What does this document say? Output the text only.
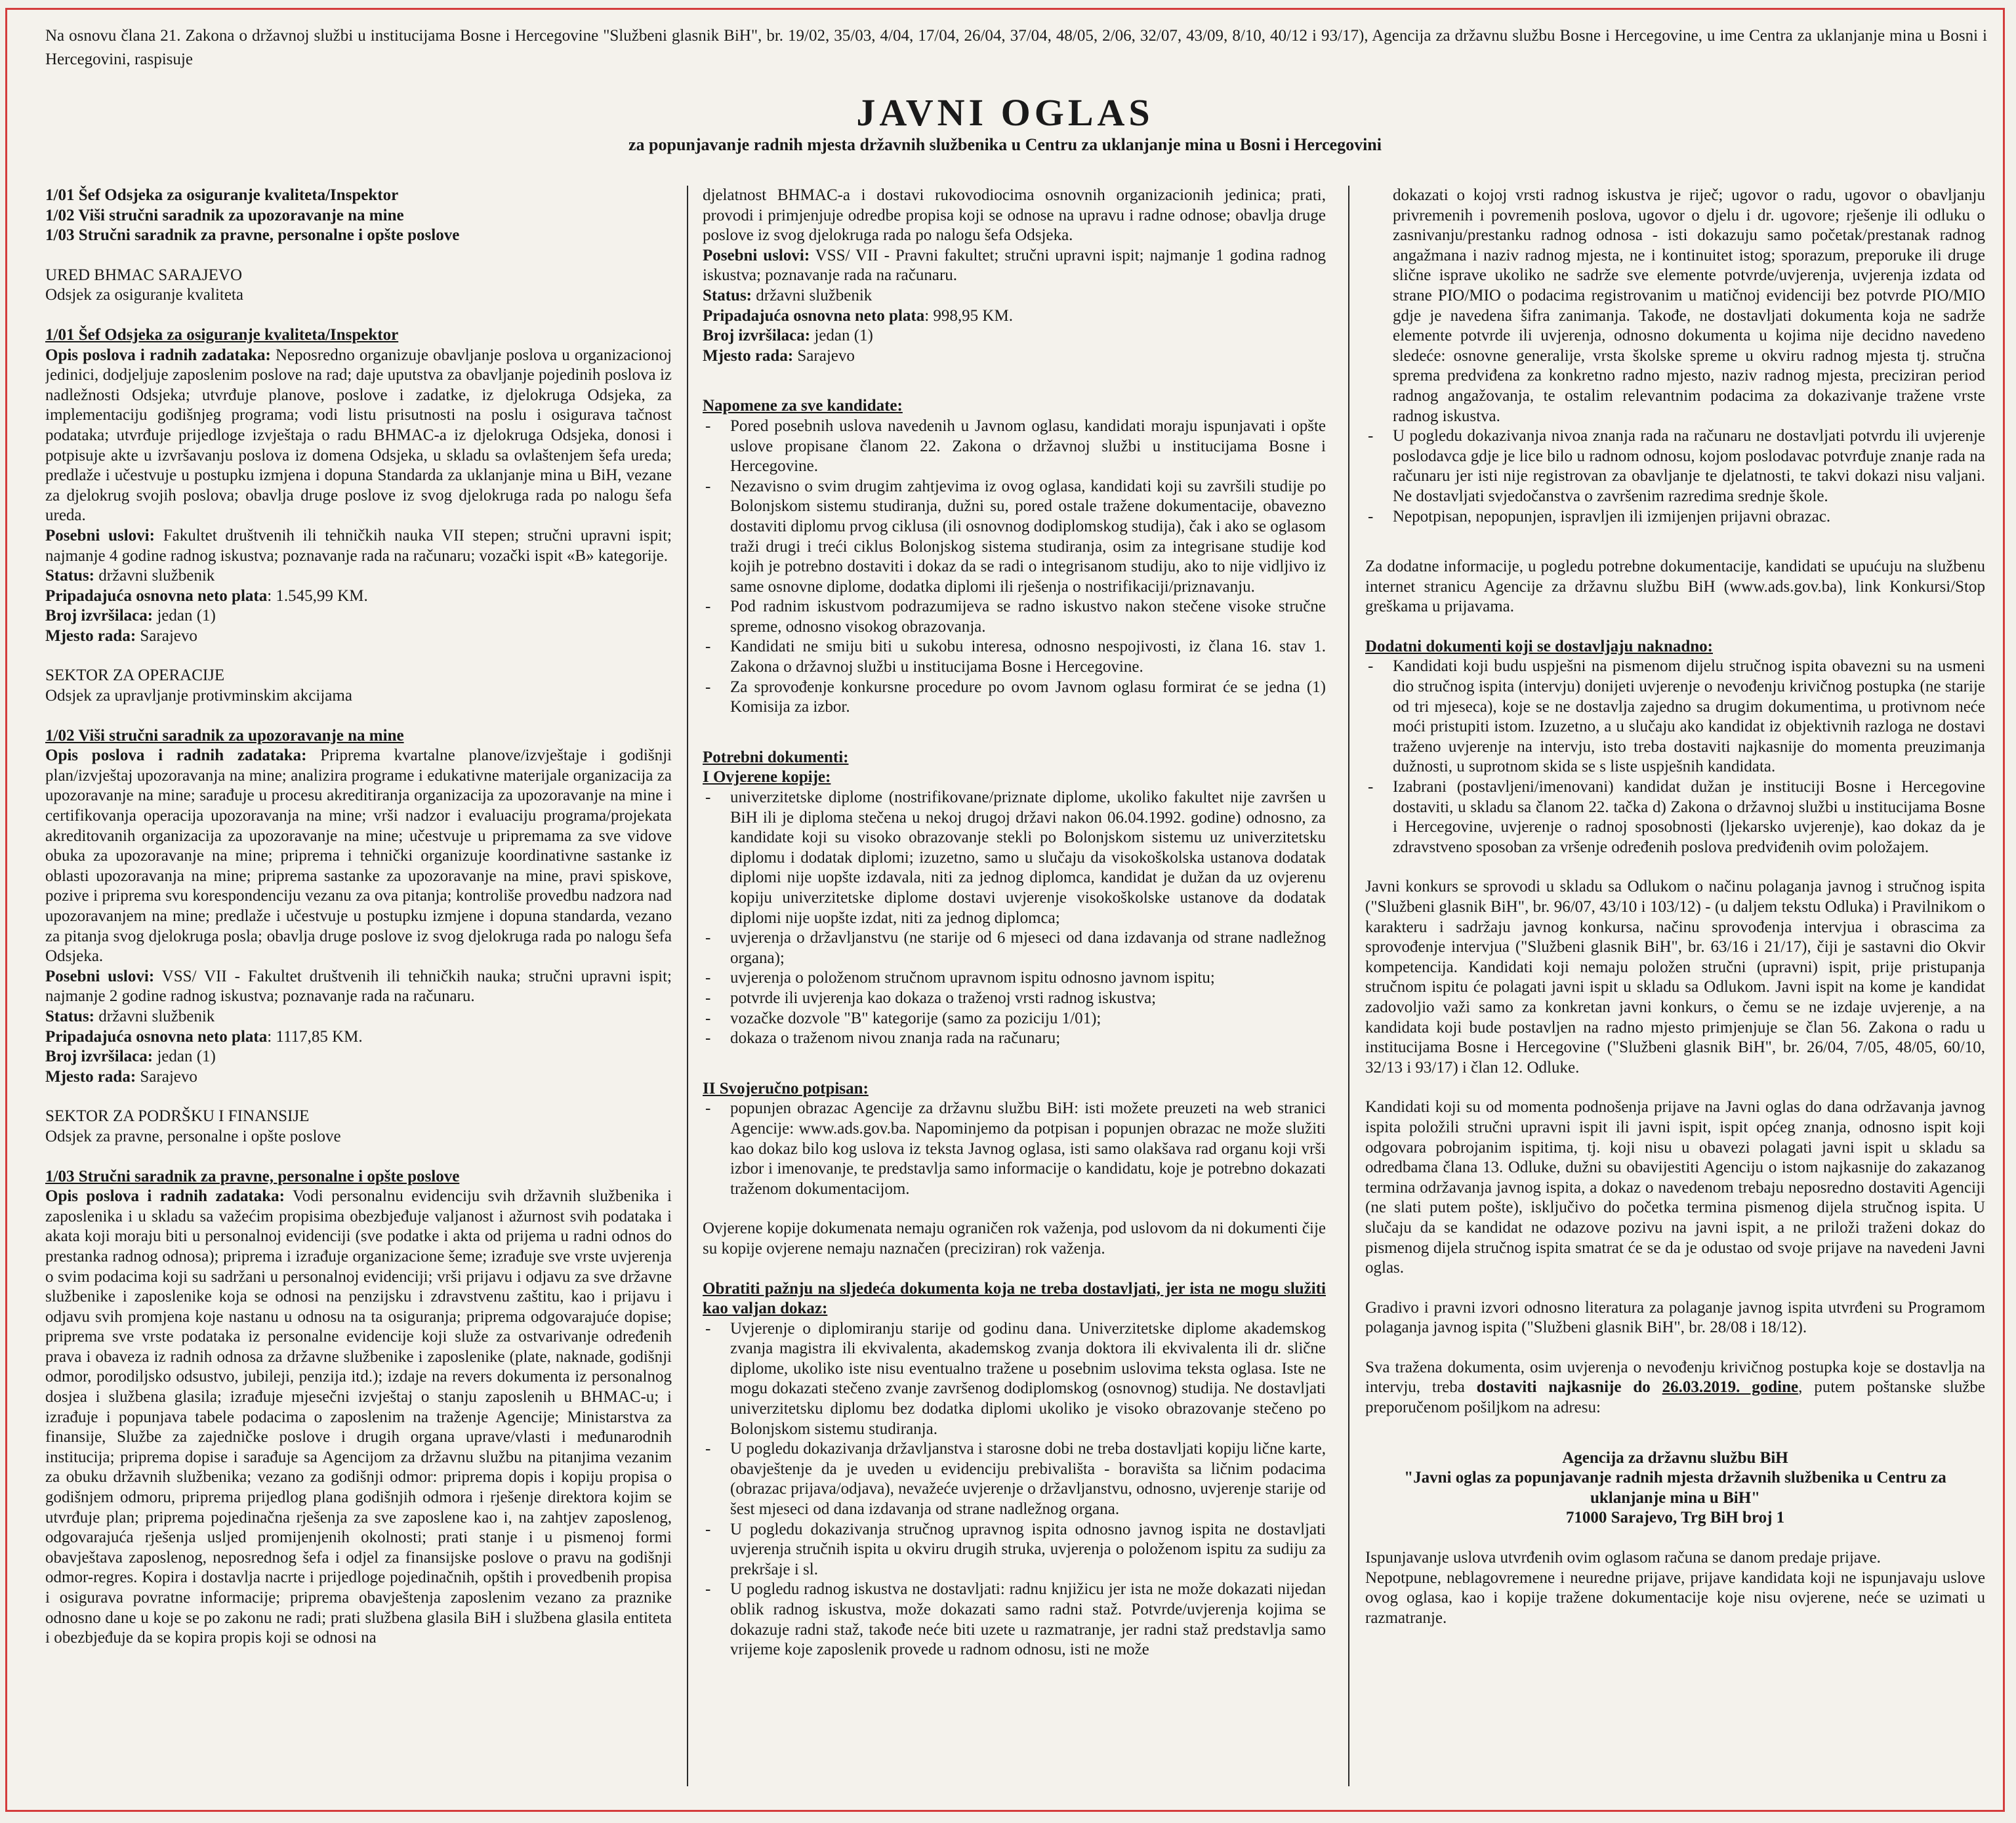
Na osnovu člana 21. Zakona o državnoj službi u institucijama Bosne i Hercegovine "Službeni glasnik BiH", br. 19/02, 35/03, 4/04, 17/04, 26/04, 37/04, 48/05, 2/06, 32/07, 43/09, 8/10, 40/12 i 93/17), Agencija za državnu službu Bosne i Hercegovine, u ime Centra za uklanjanje mina u Bosni i Hercegovini, raspisuje

JAVNI OGLAS
za popunjavanje radnih mjesta državnih službenika u Centru za uklanjanje mina u Bosni i Hercegovini

1/01 Šef Odsjeka za osiguranje kvaliteta/Inspektor

1/02 Viši stručni saradnik za upozoravanje na mine

1/03 Stručni saradnik za pravne, personalne i opšte poslove

URED BHMAC SARAJEVO

Odsjek za osiguranje kvaliteta

1/01 Šef Odsjeka za osiguranje kvaliteta/Inspektor

Opis poslova i radnih zadataka: Neposredno organizuje obavljanje poslova u organizacionoj jedinici, dodjeljuje zaposlenim poslove na rad; daje uputstva za obavljanje pojedinih poslova iz nadležnosti Odsjeka; utvrđuje planove, poslove i zadatke, iz djelokruga Odsjeka, za implementaciju godišnjeg programa; vodi listu prisutnosti na poslu i osigurava tačnost podataka; utvrđuje prijedloge izvještaja o radu BHMAC-a iz djelokruga Odsjeka, donosi i potpisuje akte u izvršavanju poslova iz domena Odsjeka, u skladu sa ovlaštenjem šefa ureda; predlaže i učestvuje u postupku izmjena i dopuna Standarda za uklanjanje mina u BiH, vezane za djelokrug svojih poslova; obavlja druge poslove iz svog djelokruga rada po nalogu šefa ureda.

Posebni uslovi: Fakultet društvenih ili tehničkih nauka VII stepen; stručni upravni ispit; najmanje 4 godine radnog iskustva; poznavanje rada na računaru; vozački ispit «B» kategorije.

Status: državni službenik

Pripadajuća osnovna neto plata: 1.545,99 KM.

Broj izvršilaca: jedan (1)

Mjesto rada: Sarajevo

SEKTOR ZA OPERACIJE

Odsjek za upravljanje protivminskim akcijama

1/02 Viši stručni saradnik za upozoravanje na mine

Opis poslova i radnih zadataka: Priprema kvartalne planove/izvještaje i godišnji plan/izvještaj upozoravanja na mine; analizira programe i edukativne materijale organizacija za upozoravanje na mine; sarađuje u procesu akreditiranja organizacija za upozoravanje na mine i certifikovanja operacija upozoravanja na mine; vrši nadzor i evaluaciju programa/projekata akreditovanih organizacija za upozoravanje na mine; učestvuje u pripremama za sve vidove obuka za upozoravanje na mine; priprema i tehnički organizuje koordinativne sastanke iz oblasti upozoravanja na mine; priprema sastanke za upozoravanje na mine, pravi spiskove, pozive i priprema svu korespondenciju vezanu za ova pitanja; kontroliše provedbu nadzora nad upozoravanjem na mine; predlaže i učestvuje u postupku izmjene i dopuna standarda, vezano za pitanja svog djelokruga posla; obavlja druge poslove iz svog djelokruga rada po nalogu šefa Odsjeka.

Posebni uslovi: VSS/ VII - Fakultet društvenih ili tehničkih nauka; stručni upravni ispit; najmanje 2 godine radnog iskustva; poznavanje rada na računaru.

Status: državni službenik

Pripadajuća osnovna neto plata: 1117,85 KM.

Broj izvršilaca: jedan (1)

Mjesto rada: Sarajevo

SEKTOR ZA PODRŠKU I FINANSIJE

Odsjek za pravne, personalne i opšte poslove

1/03 Stručni saradnik za pravne, personalne i opšte poslove

Opis poslova i radnih zadataka: Vodi personalnu evidenciju svih državnih službenika i zaposlenika i u skladu sa važećim propisima obezbjeđuje valjanost i ažurnost svih podataka i akata koji moraju biti u personalnoj evidenciji (sve podatke i akta od prijema u radni odnos do prestanka radnog odnosa); priprema i izrađuje organizacione šeme; izrađuje sve vrste uvjerenja o svim podacima koji su sadržani u personalnoj evidenciji; vrši prijavu i odjavu za sve državne službenike i zaposlenike koja se odnosi na penzijsku i zdravstvenu zaštitu, kao i prijavu i odjavu svih promjena koje nastanu u odnosu na ta osiguranja; priprema odgovarajuće dopise; priprema sve vrste podataka iz personalne evidencije koji služe za ostvarivanje određenih prava i obaveza iz radnih odnosa za državne službenike i zaposlenike (plate, naknade, godišnji odmor, porodiljsko odsustvo, jubileji, penzija itd.); izdaje na revers dokumenta iz personalnog dosjea i službena glasila; izrađuje mjesečni izvještaj o stanju zaposlenih u BHMAC-u; i izrađuje i popunjava tabele podacima o zaposlenim na traženje Agencije; Ministarstva za finansije, Službe za zajedničke poslove i drugih organa uprave/vlasti i međunarodnih institucija; priprema dopise i sarađuje sa Agencijom za državnu službu na pitanjima vezanim za obuku državnih službenika; vezano za godišnji odmor: priprema dopis i kopiju propisa o godišnjem odmoru, priprema prijedlog plana godišnjih odmora i rješenje direktora kojim se utvrđuje plan; priprema pojedinačna rješenja za sve zaposlene kao i, na zahtjev zaposlenog, odgovarajuća rješenja usljed promijenjenih okolnosti; prati stanje i u pismenoj formi obavještava zaposlenog, neposrednog šefa i odjel za finansijske poslove o pravu na godišnji odmor-regres. Kopira i dostavlja nacrte i prijedloge pojedinačnih, opštih i provedbenih propisa i osigurava povratne informacije; priprema obavještenja zaposlenim vezano za praznike odnosno dane u koje se po zakonu ne radi; prati službena glasila BiH i službena glasila entiteta i obezbjeđuje da se kopira propis koji se odnosi na

djelatnost BHMAC-a i dostavi rukovodiocima osnovnih organizacionih jedinica; prati, provodi i primjenjuje odredbe propisa koji se odnose na upravu i radne odnose; obavlja druge poslove iz svog djelokruga rada po nalogu šefa Odsjeka.

Posebni uslovi: VSS/ VII - Pravni fakultet; stručni upravni ispit; najmanje 1 godina radnog iskustva; poznavanje rada na računaru.

Status: državni službenik

Pripadajuća osnovna neto plata: 998,95 KM.

Broj izvršilaca: jedan (1)

Mjesto rada: Sarajevo

Napomene za sve kandidate:

- Pored posebnih uslova navedenih u Javnom oglasu, kandidati moraju ispunjavati i opšte uslove propisane članom 22. Zakona o državnoj službi u institucijama Bosne i Hercegovine.

- Nezavisno o svim drugim zahtjevima iz ovog oglasa, kandidati koji su završili studije po Bolonjskom sistemu studiranja, dužni su, pored ostale tražene dokumentacije, obavezno dostaviti diplomu prvog ciklusa (ili osnovnog dodiplomskog studija), čak i ako se oglasom traži drugi i treći ciklus Bolonjskog sistema studiranja, osim za integrisane studije kod kojih je potrebno dostaviti i dokaz da se radi o integrisanom studiju, ako to nije vidljivo iz same osnovne diplome, dodatka diplomi ili rješenja o nostrifikaciji/priznavanju.

- Pod radnim iskustvom podrazumijeva se radno iskustvo nakon stečene visoke stručne spreme, odnosno visokog obrazovanja.

- Kandidati ne smiju biti u sukobu interesa, odnosno nespojivosti, iz člana 16. stav 1. Zakona o državnoj službi u institucijama Bosne i Hercegovine.

- Za sprovođenje konkursne procedure po ovom Javnom oglasu formirat će se jedna (1) Komisija za izbor.

Potrebni dokumenti:

I Ovjerene kopije:

- univerzitetske diplome (nostrifikovane/priznate diplome, ukoliko fakultet nije završen u BiH ili je diploma stečena u nekoj drugoj državi nakon 06.04.1992. godine) odnosno, za kandidate koji su visoko obrazovanje stekli po Bolonjskom sistemu uz univerzitetsku diplomu i dodatak diplomi; izuzetno, samo u slučaju da visokoškolska ustanova dodatak diplomi nije uopšte izdavala, niti za jednog diplomca, kandidat je dužan da uz ovjerenu kopiju univerzitetske diplome dostavi uvjerenje visokoškolske ustanove da dodatak diplomi nije uopšte izdat, niti za jednog diplomca;

- uvjerenja o državljanstvu (ne starije od 6 mjeseci od dana izdavanja od strane nadležnog organa);

- uvjerenja o položenom stručnom upravnom ispitu odnosno javnom ispitu;

- potvrde ili uvjerenja kao dokaza o traženoj vrsti radnog iskustva;

- vozačke dozvole "B" kategorije (samo za poziciju 1/01);

- dokaza o traženom nivou znanja rada na računaru;

II Svojeručno potpisan:

- popunjen obrazac Agencije za državnu službu BiH: isti možete preuzeti na web stranici Agencije: www.ads.gov.ba. Napominjemo da potpisan i popunjen obrazac ne može služiti kao dokaz bilo kog uslova iz teksta Javnog oglasa, isti samo olakšava rad organu koji vrši izbor i imenovanje, te predstavlja samo informacije o kandidatu, koje je potrebno dokazati traženom dokumentacijom.

Ovjerene kopije dokumenata nemaju ograničen rok važenja, pod uslovom da ni dokumenti čije su kopije ovjerene nemaju naznačen (preciziran) rok važenja.

Obratiti pažnju na sljedeća dokumenta koja ne treba dostavljati, jer ista ne mogu služiti kao valjan dokaz:

- Uvjerenje o diplomiranju starije od godinu dana. Univerzitetske diplome akademskog zvanja magistra ili ekvivalenta, akademskog zvanja doktora ili ekvivalenta ili dr. slične diplome, ukoliko iste nisu eventualno tražene u posebnim uslovima teksta oglasa. Iste ne mogu dokazati stečeno zvanje završenog dodiplomskog (osnovnog) studija. Ne dostavljati univerzitetsku diplomu bez dodatka diplomi ukoliko je visoko obrazovanje stečeno po Bolonjskom sistemu studiranja.

- U pogledu dokazivanja državljanstva i starosne dobi ne treba dostavljati kopiju lične karte, obavještenje da je uveden u evidenciju prebivališta - boravišta sa ličnim podacima (obrazac prijava/odjava), nevažeće uvjerenje o državljanstvu, odnosno, uvjerenje starije od šest mjeseci od dana izdavanja od strane nadležnog organa.

- U pogledu dokazivanja stručnog upravnog ispita odnosno javnog ispita ne dostavljati uvjerenja stručnih ispita u okviru drugih struka, uvjerenja o položenom ispitu za sudiju za prekršaje i sl.

- U pogledu radnog iskustva ne dostavljati: radnu knjižicu jer ista ne može dokazati nijedan oblik radnog iskustva, može dokazati samo radni staž. Potvrde/uvjerenja kojima se dokazuje radni staž, takođe neće biti uzete u razmatranje, jer radni staž predstavlja samo vrijeme koje zaposlenik provede u radnom odnosu, isti ne može

dokazati o kojoj vrsti radnog iskustva je riječ; ugovor o radu, ugovor o obavljanju privremenih i povremenih poslova, ugovor o djelu i dr. ugovore; rješenje ili odluku o zasnivanju/prestanku radnog odnosa - isti dokazuju samo početak/prestanak radnog angažmana i naziv radnog mjesta, ne i kontinuitet istog; sporazum, preporuke ili druge slične isprave ukoliko ne sadrže sve elemente potvrde/uvjerenja, uvjerenja izdata od strane PIO/MIO o podacima registrovanim u matičnoj evidenciji bez potvrde PIO/MIO gdje je navedena šifra zanimanja. Takođe, ne dostavljati dokumenta koja ne sadrže elemente potvrde ili uvjerenja, odnosno dokumenta u kojima nije decidno navedeno sledeće: osnovne generalije, vrsta školske spreme u okviru radnog mjesta tj. stručna sprema predviđena za konkretno radno mjesto, naziv radnog mjesta, preciziran period radnog angažovanja, te ostalim relevantnim podacima za dokazivanje tražene vrste radnog iskustva.

- U pogledu dokazivanja nivoa znanja rada na računaru ne dostavljati potvrdu ili uvjerenje poslodavca gdje je lice bilo u radnom odnosu, kojom poslodavac potvrđuje znanje rada na računaru jer isti nije registrovan za obavljanje te djelatnosti, te takvi dokazi nisu valjani. Ne dostavljati svjedočanstva o završenim razredima srednje škole.

- Nepotpisan, nepopunjen, ispravljen ili izmijenjen prijavni obrazac.

Za dodatne informacije, u pogledu potrebne dokumentacije, kandidati se upućuju na službenu internet stranicu Agencije za državnu službu BiH (www.ads.gov.ba), link Konkursi/Stop greškama u prijavama.

Dodatni dokumenti koji se dostavljaju naknadno:

- Kandidati koji budu uspješni na pismenom dijelu stručnog ispita obavezni su na usmeni dio stručnog ispita (intervju) donijeti uvjerenje o nevođenju krivičnog postupka (ne starije od tri mjeseca), koje se ne dostavlja zajedno sa drugim dokumentima, u protivnom neće moći pristupiti istom. Izuzetno, a u slučaju ako kandidat iz objektivnih razloga ne dostavi traženo uvjerenje na intervju, isto treba dostaviti najkasnije do momenta preuzimanja dužnosti, u suprotnom skida se s liste uspješnih kandidata.

- Izabrani (postavljeni/imenovani) kandidat dužan je instituciji Bosne i Hercegovine dostaviti, u skladu sa članom 22. tačka d) Zakona o državnoj službi u institucijama Bosne i Hercegovine, uvjerenje o radnoj sposobnosti (ljekarsko uvjerenje), kao dokaz da je zdravstveno sposoban za vršenje određenih poslova predviđenih ovim položajem.

Javni konkurs se sprovodi u skladu sa Odlukom o načinu polaganja javnog i stručnog ispita ("Službeni glasnik BiH", br. 96/07, 43/10 i 103/12) - (u daljem tekstu Odluka) i Pravilnikom o karakteru i sadržaju javnog konkursa, načinu sprovođenja intervjua i obrascima za sprovođenje intervjua ("Službeni glasnik BiH", br. 63/16 i 21/17), čiji je sastavni dio Okvir kompetencija. Kandidati koji nemaju položen stručni (upravni) ispit, prije pristupanja stručnom ispitu će polagati javni ispit u skladu sa Odlukom. Javni ispit na kome je kandidat zadovoljio važi samo za konkretan javni konkurs, o čemu se ne izdaje uvjerenje, a na kandidata koji bude postavljen na radno mjesto primjenjuje se član 56. Zakona o radu u institucijama Bosne i Hercegovine ("Službeni glasnik BiH", br. 26/04, 7/05, 48/05, 60/10, 32/13 i 93/17) i član 12. Odluke.

Kandidati koji su od momenta podnošenja prijave na Javni oglas do dana održavanja javnog ispita položili stručni upravni ispit ili javni ispit, ispit općeg znanja, odnosno ispit koji odgovara pobrojanim ispitima, tj. koji nisu u obavezi polagati javni ispit u skladu sa odredbama člana 13. Odluke, dužni su obavijestiti Agenciju o istom najkasnije do zakazanog termina održavanja javnog ispita, a dokaz o navedenom trebaju neposredno dostaviti Agenciji (ne slati putem pošte), isključivo do početka termina pismenog dijela stručnog ispita. U slučaju da se kandidat ne odazove pozivu na javni ispit, a ne priloži traženi dokaz do pismenog dijela stručnog ispita smatrat će se da je odustao od svoje prijave na navedeni Javni oglas.

Gradivo i pravni izvori odnosno literatura za polaganje javnog ispita utvrđeni su Programom polaganja javnog ispita ("Službeni glasnik BiH", br. 28/08 i 18/12).

Sva tražena dokumenta, osim uvjerenja o nevođenju krivičnog postupka koje se dostavlja na intervju, treba dostaviti najkasnije do 26.03.2019. godine, putem poštanske službe preporučenom pošiljkom na adresu:

Agencija za državnu službu BiH

"Javni oglas za popunjavanje radnih mjesta državnih službenika u Centru za uklanjanje mina u BiH"

71000 Sarajevo, Trg BiH broj 1

Ispunjavanje uslova utvrđenih ovim oglasom računa se danom predaje prijave.

Nepotpune, neblagovremene i neuredne prijave, prijave kandidata koji ne ispunjavaju uslove ovog oglasa, kao i kopije tražene dokumentacije koje nisu ovjerene, neće se uzimati u razmatranje.
